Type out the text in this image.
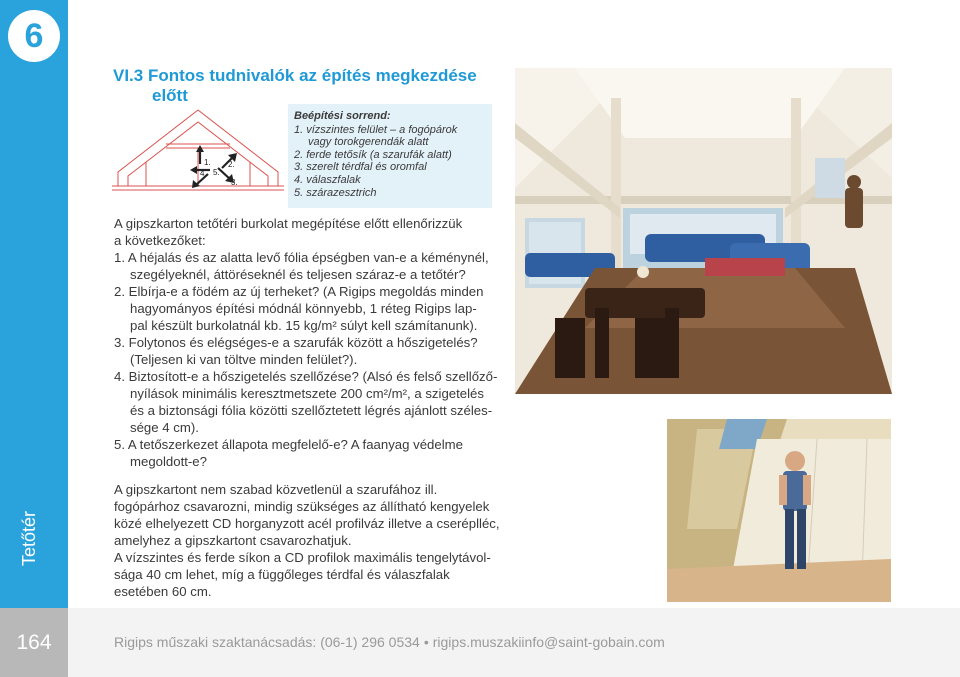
6
Tetőtér
164	Rigips műszaki szaktanácsadás: (06-1) 296 0534 • rigips.muszakiinfo@saint-gobain.com
VI.3 Fontos tudnivalók az építés megkezdése
előtt
1. 2.
3.
4. 5.

Beépítési sorrend:

1. vízszintes felület – a fogópárok

vagy torokgerendák alatt

2. ferde tetősík (a szarufák alatt)

3. szerelt térdfal és oromfal

4. válaszfalak

5. szárazesztrich

A gipszkarton tetőtéri burkolat megépítése előtt ellenőrizzük

a következőket:

1. A héjalás és az alatta levő fólia épségben van-e a kéménynél,

szegélyeknél, áttöréseknél és teljesen száraz-e a tetőtér?

2. Elbírja-e a födém az új terheket? (A Rigips megoldás minden

hagyományos építési módnál könnyebb, 1 réteg Rigips lap-

pal készült burkolatnál kb. 15 kg/m² súlyt kell számítanunk).

3. Folytonos és elégséges-e a szarufák között a hőszigetelés?

(Teljesen ki van töltve minden felület?).

4. Biztosított-e a hőszigetelés szellőzése? (Alsó és felső szellőző-

nyílások minimális keresztmetszete 200 cm²/m², a szigetelés

és a biztonsági fólia közötti szellőztetett légrés ajánlott széles-

sége 4 cm).

5. A tetőszerkezet állapota megfelelő-e? A faanyag védelme

megoldott-e?

A gipszkartont nem szabad közvetlenül a szarufához ill.

fogópárhoz csavarozni, mindig szükséges az állítható kengyelek

közé elhelyezett CD horganyzott acél profilváz illetve a cseréplléc,

amelyhez a gipszkartont csavarozhatjuk.

A vízszintes és ferde síkon a CD profilok maximális tengelytávol-

sága 40 cm lehet, míg a függőleges térdfal és válaszfalak

esetében 60 cm.
